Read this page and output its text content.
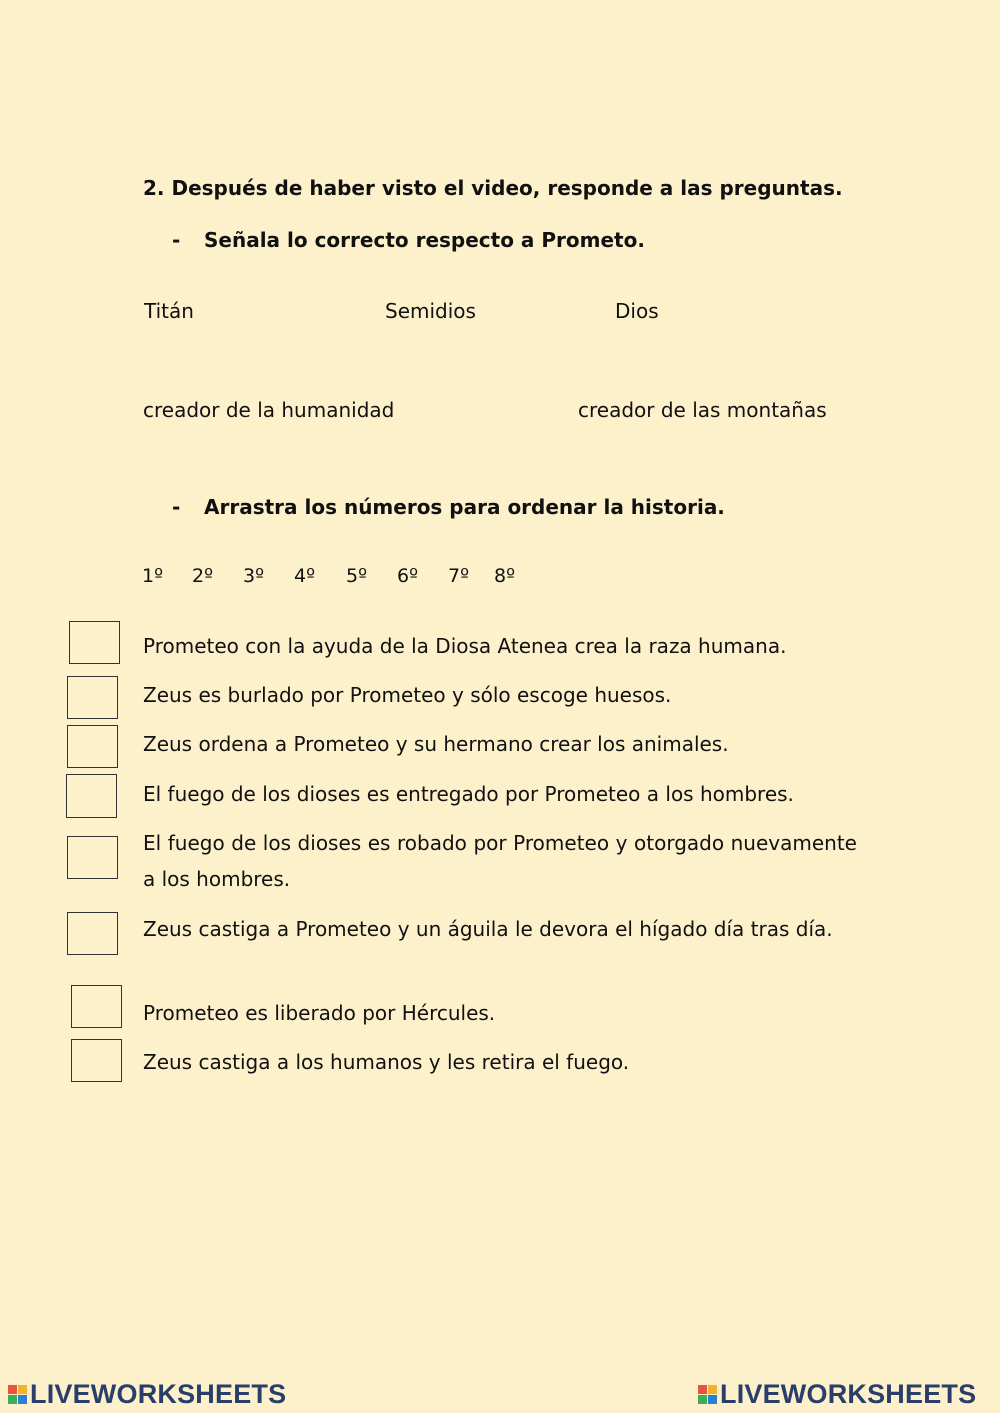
2. Después de haber visto el video, responde a las preguntas.
- Señala lo correcto respecto a Prometo.
Titán	Semidios	Dios
creador de la humanidad	creador de las montañas
- Arrastra los números para ordenar la historia.
1º 2º 3º 4º 5º 6º 7º 8º
Prometeo con la ayuda de la Diosa Atenea crea la raza humana.
Zeus es burlado por Prometeo y sólo escoge huesos.
Zeus ordena a Prometeo y su hermano crear los animales.
El fuego de los dioses es entregado por Prometeo a los hombres.
El fuego de los dioses es robado por Prometeo y otorgado nuevamente a los hombres.
Zeus castiga a Prometeo y un águila le devora el hígado día tras día.
Prometeo es liberado por Hércules.
Zeus castiga a los humanos y les retira el fuego.
LIVEWORKSHEETS	LIVEWORKSHEETS
